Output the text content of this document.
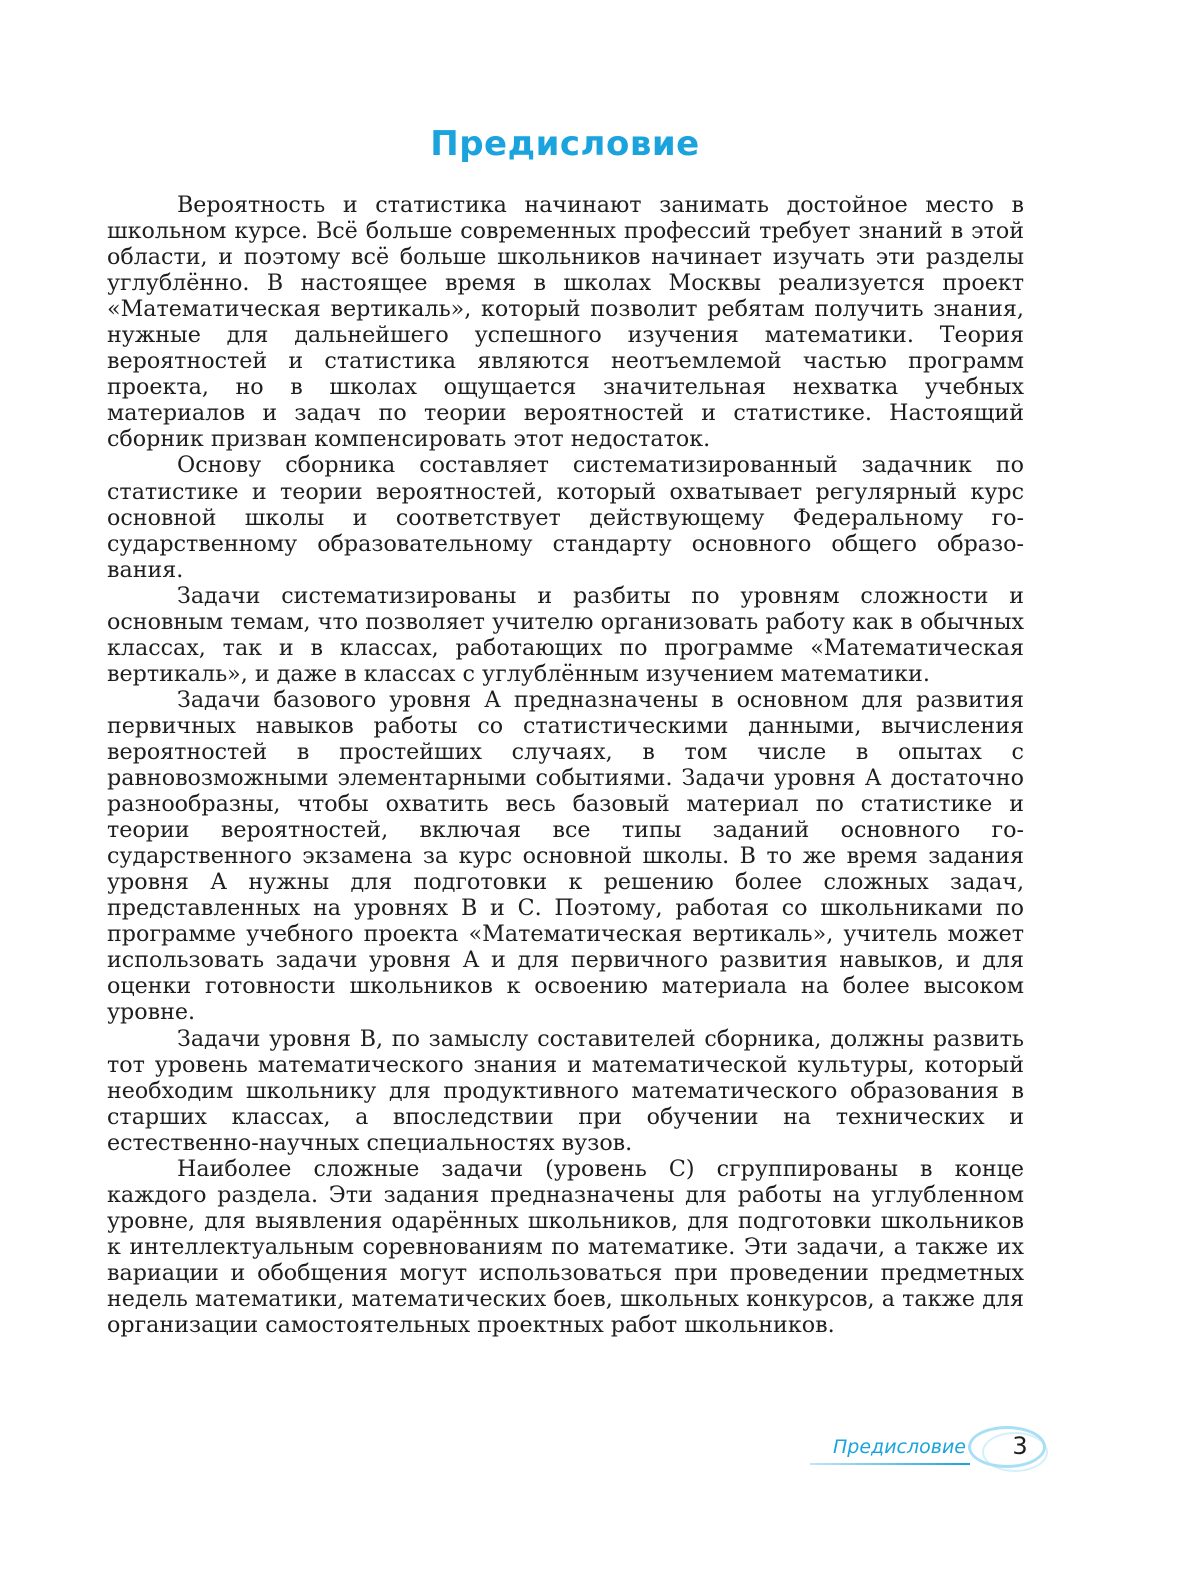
Предисловие

Вероятность и статистика начинают занимать достойное место в школьном курсе. Всё больше современных профессий требует знаний в этой области, и поэтому всё больше школьников начинает изучать эти разделы углублённо. В настоящее время в школах Москвы реализуется проект «Математическая вертикаль», который позволит ребятам получить знания, нужные для дальнейшего успешного изучения математики. Теория вероятностей и статистика являются неотъемлемой частью программ проекта, но в школах ощущается значительная нехватка учебных материалов и задач по теории вероятностей и статистике. Настоящий сборник призван компенсировать этот недостаток.

Основу сборника составляет систематизированный задачник по статистике и теории вероятностей, который охватывает регулярный курс основной школы и соответствует действующему Федеральному государственному образовательному стандарту основного общего образования.

Задачи систематизированы и разбиты по уровням сложности и основным темам, что позволяет учителю организовать работу как в обычных классах, так и в классах, работающих по программе «Математическая вертикаль», и даже в классах с углублённым изучением математики.

Задачи базового уровня А предназначены в основном для развития первичных навыков работы со статистическими данными, вычисления вероятностей в простейших случаях, в том числе в опытах с равновозможными элементарными событиями. Задачи уровня А достаточно разнообразны, чтобы охватить весь базовый материал по статистике и теории вероятностей, включая все типы заданий основного государственного экзамена за курс основной школы. В то же время задания уровня А нужны для подготовки к решению более сложных задач, представленных на уровнях В и С. Поэтому, работая со школьниками по программе учебного проекта «Математическая вертикаль», учитель может использовать задачи уровня А и для первичного развития навыков, и для оценки готовности школьников к освоению материала на более высоком уровне.

Задачи уровня В, по замыслу составителей сборника, должны развить тот уровень математического знания и математической культуры, который необходим школьнику для продуктивного математического образования в старших классах, а впоследствии при обучении на технических и естественно-научных специальностях вузов.

Наиболее сложные задачи (уровень С) сгруппированы в конце каждого раздела. Эти задания предназначены для работы на углубленном уровне, для выявления одарённых школьников, для подготовки школьников к интеллектуальным соревнованиям по математике. Эти задачи, а также их вариации и обобщения могут использоваться при проведении предметных недель математики, математических боев, школьных конкурсов, а также для организации самостоятельных проектных работ школьников.

Предисловие	3
